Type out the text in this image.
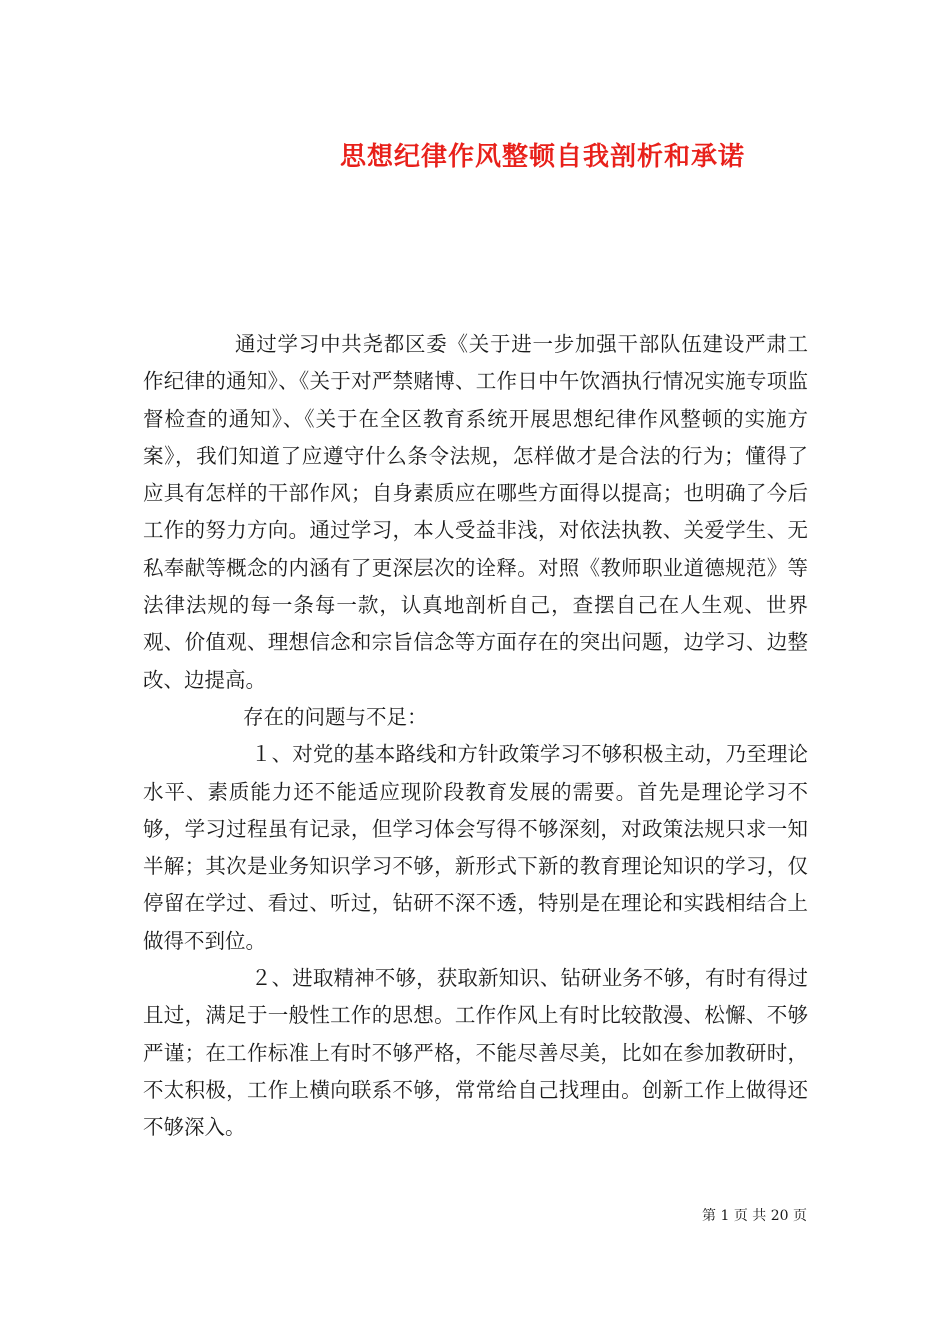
思想纪律作风整顿自我剖析和承诺

通过学习中共尧都区委《关于进一步加强干部队伍建设严肃工作纪律的通知》、《关于对严禁赌博、工作日中午饮酒执行情况实施专项监督检查的通知》、《关于在全区教育系统开展思想纪律作风整顿的实施方案》，我们知道了应遵守什么条令法规，怎样做才是合法的行为；懂得了应具有怎样的干部作风；自身素质应在哪些方面得以提高；也明确了今后工作的努力方向。通过学习，本人受益非浅，对依法执教、关爱学生、无私奉献等概念的内涵有了更深层次的诠释。对照《教师职业道德规范》等法律法规的每一条每一款，认真地剖析自己，查摆自己在人生观、世界观、价值观、理想信念和宗旨信念等方面存在的突出问题，边学习、边整改、边提高。

存在的问题与不足：

１、对党的基本路线和方针政策学习不够积极主动，乃至理论水平、素质能力还不能适应现阶段教育发展的需要。首先是理论学习不够，学习过程虽有记录，但学习体会写得不够深刻，对政策法规只求一知半解；其次是业务知识学习不够，新形式下新的教育理论知识的学习，仅停留在学过、看过、听过，钻研不深不透，特别是在理论和实践相结合上做得不到位。

２、进取精神不够，获取新知识、钻研业务不够，有时有得过且过，满足于一般性工作的思想。工作作风上有时比较散漫、松懈、不够严谨；在工作标准上有时不够严格，不能尽善尽美，比如在参加教研时，不太积极，工作上横向联系不够，常常给自己找理由。创新工作上做得还不够深入。

第 1 页 共 20 页
